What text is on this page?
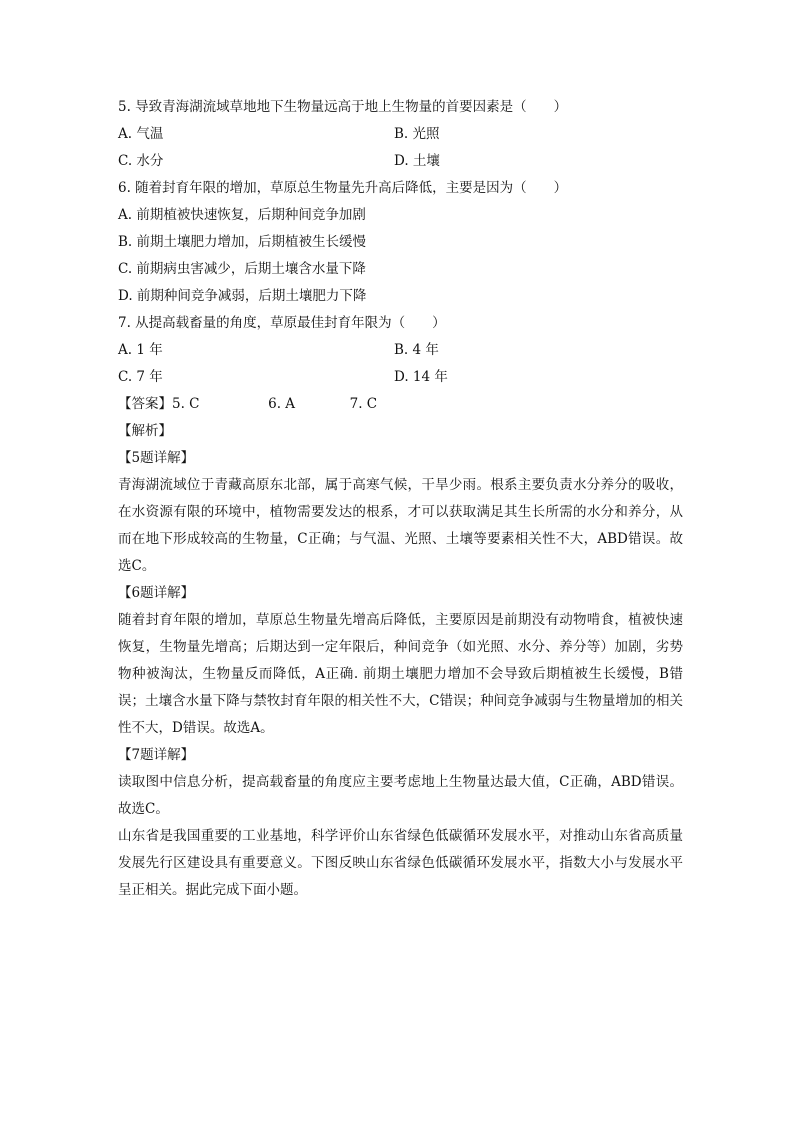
5. 导致青海湖流域草地地下生物量远高于地上生物量的首要因素是（　　）
A. 气温	B. 光照
C. 水分	D. 土壤
6. 随着封育年限的增加，草原总生物量先升高后降低，主要是因为（　　）
A. 前期植被快速恢复，后期种间竞争加剧
B. 前期土壤肥力增加，后期植被生长缓慢
C. 前期病虫害减少，后期土壤含水量下降
D. 前期种间竞争减弱，后期土壤肥力下降
7. 从提高载畜量的角度，草原最佳封育年限为（　　）
A. 1 年	B. 4 年
C. 7 年	D. 14 年
【答案】5. C	6. A	7. C
【解析】
【5题详解】
青海湖流域位于青藏高原东北部，属于高寒气候，干旱少雨。根系主要负责水分养分的吸收，在水资源有限的环境中，植物需要发达的根系，才可以获取满足其生长所需的水分和养分，从而在地下形成较高的生物量，C正确；与气温、光照、土壤等要素相关性不大，ABD错误。故选C。
【6题详解】
随着封育年限的增加，草原总生物量先增高后降低，主要原因是前期没有动物啃食，植被快速恢复，生物量先增高；后期达到一定年限后，种间竞争（如光照、水分、养分等）加剧，劣势物种被淘汰，生物量反而降低，A正确. 前期土壤肥力增加不会导致后期植被生长缓慢，B错误；土壤含水量下降与禁牧封育年限的相关性不大，C错误；种间竞争减弱与生物量增加的相关性不大，D错误。故选A。
【7题详解】
读取图中信息分析，提高载畜量的角度应主要考虑地上生物量达最大值，C正确，ABD错误。故选C。
山东省是我国重要的工业基地，科学评价山东省绿色低碳循环发展水平，对推动山东省高质量发展先行区建设具有重要意义。下图反映山东省绿色低碳循环发展水平，指数大小与发展水平呈正相关。据此完成下面小题。
